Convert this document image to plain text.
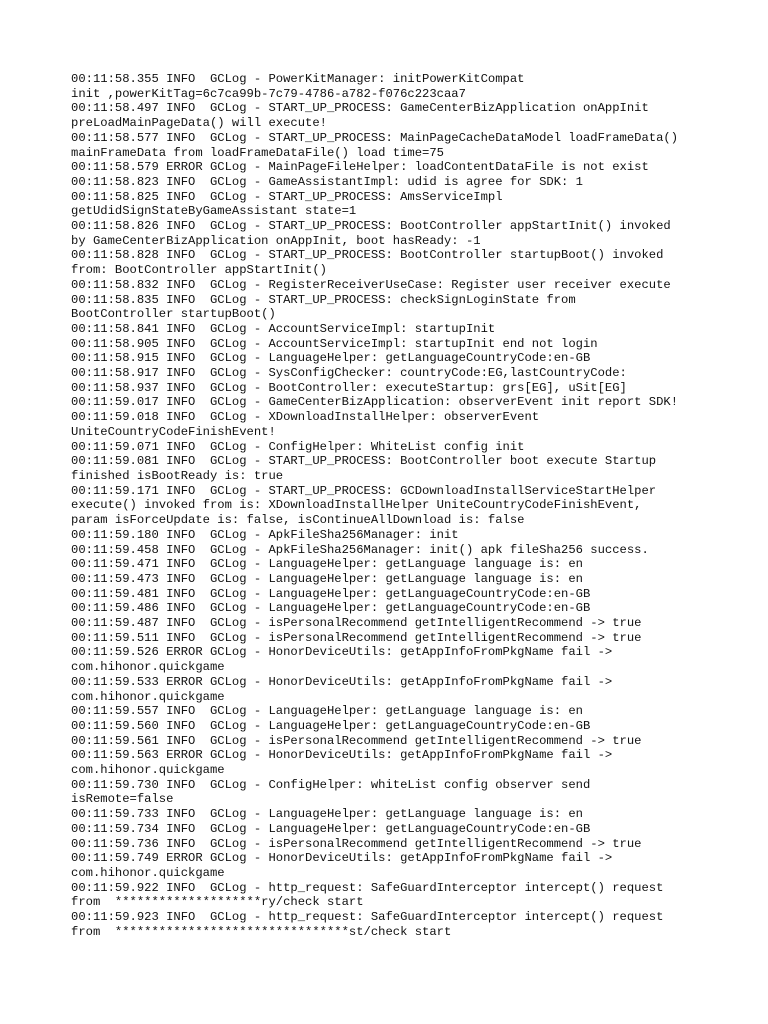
00:11:58.355 INFO  GCLog - PowerKitManager: initPowerKitCompat

init ,powerKitTag=6c7ca99b-7c79-4786-a782-f076c223caa7

00:11:58.497 INFO  GCLog - START_UP_PROCESS: GameCenterBizApplication onAppInit

preLoadMainPageData() will execute!

00:11:58.577 INFO  GCLog - START_UP_PROCESS: MainPageCacheDataModel loadFrameData()

mainFrameData from loadFrameDataFile() load time=75

00:11:58.579 ERROR GCLog - MainPageFileHelper: loadContentDataFile is not exist

00:11:58.823 INFO  GCLog - GameAssistantImpl: udid is agree for SDK: 1

00:11:58.825 INFO  GCLog - START_UP_PROCESS: AmsServiceImpl

getUdidSignStateByGameAssistant state=1

00:11:58.826 INFO  GCLog - START_UP_PROCESS: BootController appStartInit() invoked

by GameCenterBizApplication onAppInit, boot hasReady: -1

00:11:58.828 INFO  GCLog - START_UP_PROCESS: BootController startupBoot() invoked

from: BootController appStartInit()

00:11:58.832 INFO  GCLog - RegisterReceiverUseCase: Register user receiver execute

00:11:58.835 INFO  GCLog - START_UP_PROCESS: checkSignLoginState from

BootController startupBoot()

00:11:58.841 INFO  GCLog - AccountServiceImpl: startupInit

00:11:58.905 INFO  GCLog - AccountServiceImpl: startupInit end not login

00:11:58.915 INFO  GCLog - LanguageHelper: getLanguageCountryCode:en-GB

00:11:58.917 INFO  GCLog - SysConfigChecker: countryCode:EG,lastCountryCode:

00:11:58.937 INFO  GCLog - BootController: executeStartup: grs[EG], uSit[EG]

00:11:59.017 INFO  GCLog - GameCenterBizApplication: observerEvent init report SDK!

00:11:59.018 INFO  GCLog - XDownloadInstallHelper: observerEvent

UniteCountryCodeFinishEvent!

00:11:59.071 INFO  GCLog - ConfigHelper: WhiteList config init

00:11:59.081 INFO  GCLog - START_UP_PROCESS: BootController boot execute Startup

finished isBootReady is: true

00:11:59.171 INFO  GCLog - START_UP_PROCESS: GCDownloadInstallServiceStartHelper

execute() invoked from is: XDownloadInstallHelper UniteCountryCodeFinishEvent,

param isForceUpdate is: false, isContinueAllDownload is: false

00:11:59.180 INFO  GCLog - ApkFileSha256Manager: init

00:11:59.458 INFO  GCLog - ApkFileSha256Manager: init() apk fileSha256 success.

00:11:59.471 INFO  GCLog - LanguageHelper: getLanguage language is: en

00:11:59.473 INFO  GCLog - LanguageHelper: getLanguage language is: en

00:11:59.481 INFO  GCLog - LanguageHelper: getLanguageCountryCode:en-GB

00:11:59.486 INFO  GCLog - LanguageHelper: getLanguageCountryCode:en-GB

00:11:59.487 INFO  GCLog - isPersonalRecommend getIntelligentRecommend -> true

00:11:59.511 INFO  GCLog - isPersonalRecommend getIntelligentRecommend -> true

00:11:59.526 ERROR GCLog - HonorDeviceUtils: getAppInfoFromPkgName fail ->

com.hihonor.quickgame

00:11:59.533 ERROR GCLog - HonorDeviceUtils: getAppInfoFromPkgName fail ->

com.hihonor.quickgame

00:11:59.557 INFO  GCLog - LanguageHelper: getLanguage language is: en

00:11:59.560 INFO  GCLog - LanguageHelper: getLanguageCountryCode:en-GB

00:11:59.561 INFO  GCLog - isPersonalRecommend getIntelligentRecommend -> true

00:11:59.563 ERROR GCLog - HonorDeviceUtils: getAppInfoFromPkgName fail ->

com.hihonor.quickgame

00:11:59.730 INFO  GCLog - ConfigHelper: whiteList config observer send

isRemote=false

00:11:59.733 INFO  GCLog - LanguageHelper: getLanguage language is: en

00:11:59.734 INFO  GCLog - LanguageHelper: getLanguageCountryCode:en-GB

00:11:59.736 INFO  GCLog - isPersonalRecommend getIntelligentRecommend -> true

00:11:59.749 ERROR GCLog - HonorDeviceUtils: getAppInfoFromPkgName fail ->

com.hihonor.quickgame

00:11:59.922 INFO  GCLog - http_request: SafeGuardInterceptor intercept() request

from  ********************ry/check start

00:11:59.923 INFO  GCLog - http_request: SafeGuardInterceptor intercept() request

from  ********************************st/check start
